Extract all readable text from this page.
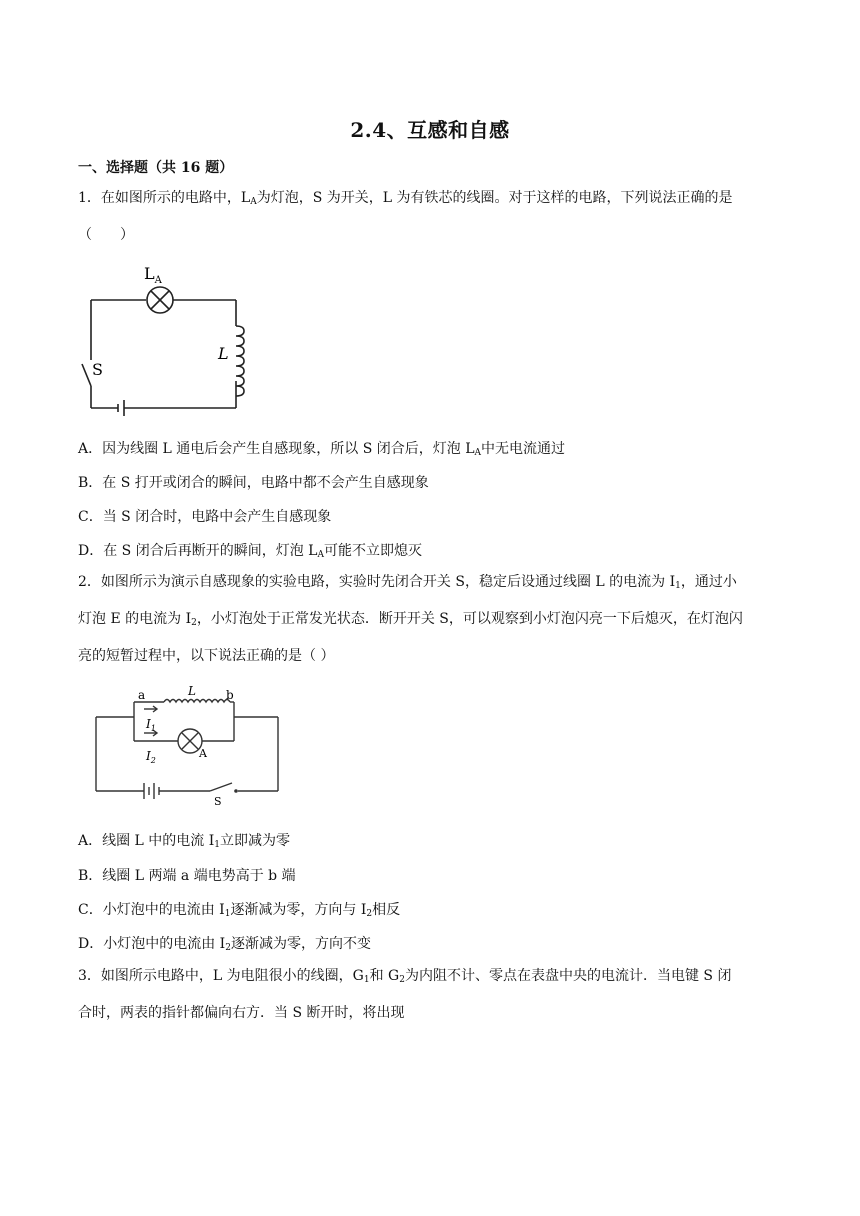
2.4、互感和自感
一、选择题（共 16 题）
1．在如图所示的电路中，$L_A$为灯泡，S 为开关，L 为有铁芯的线圈。对于这样的电路，下列说法正确的是
（　　）
$L_A$
L
S
A．因为线圈 L 通电后会产生自感现象，所以 S 闭合后，灯泡 $L_A$中无电流通过
B．在 S 打开或闭合的瞬间，电路中都不会产生自感现象
C．当 S 闭合时，电路中会产生自感现象
D．在 S 闭合后再断开的瞬间，灯泡 $L_A$可能不立即熄灭
2．如图所示为演示自感现象的实验电路，实验时先闭合开关 S，稳定后设通过线圈 L 的电流为 $I_1$，通过小
灯泡 E 的电流为 $I_2$，小灯泡处于正常发光状态．断开开关 S，可以观察到小灯泡闪亮一下后熄灭，在灯泡闪
亮的短暂过程中，以下说法正确的是（ ）
a	b
L
$I_1$
$I_2$
A
S
A．线圈 L 中的电流 $I_1$立即减为零
B．线圈 L 两端 a 端电势高于 b 端
C．小灯泡中的电流由 $I_1$逐渐减为零，方向与 $I_2$相反
D．小灯泡中的电流由 $I_2$逐渐减为零，方向不变
3．如图所示电路中，L 为电阻很小的线圈，$G_1$和 $G_2$为内阻不计、零点在表盘中央的电流计．当电键 S 闭
合时，两表的指针都偏向右方．当 S 断开时，将出现
